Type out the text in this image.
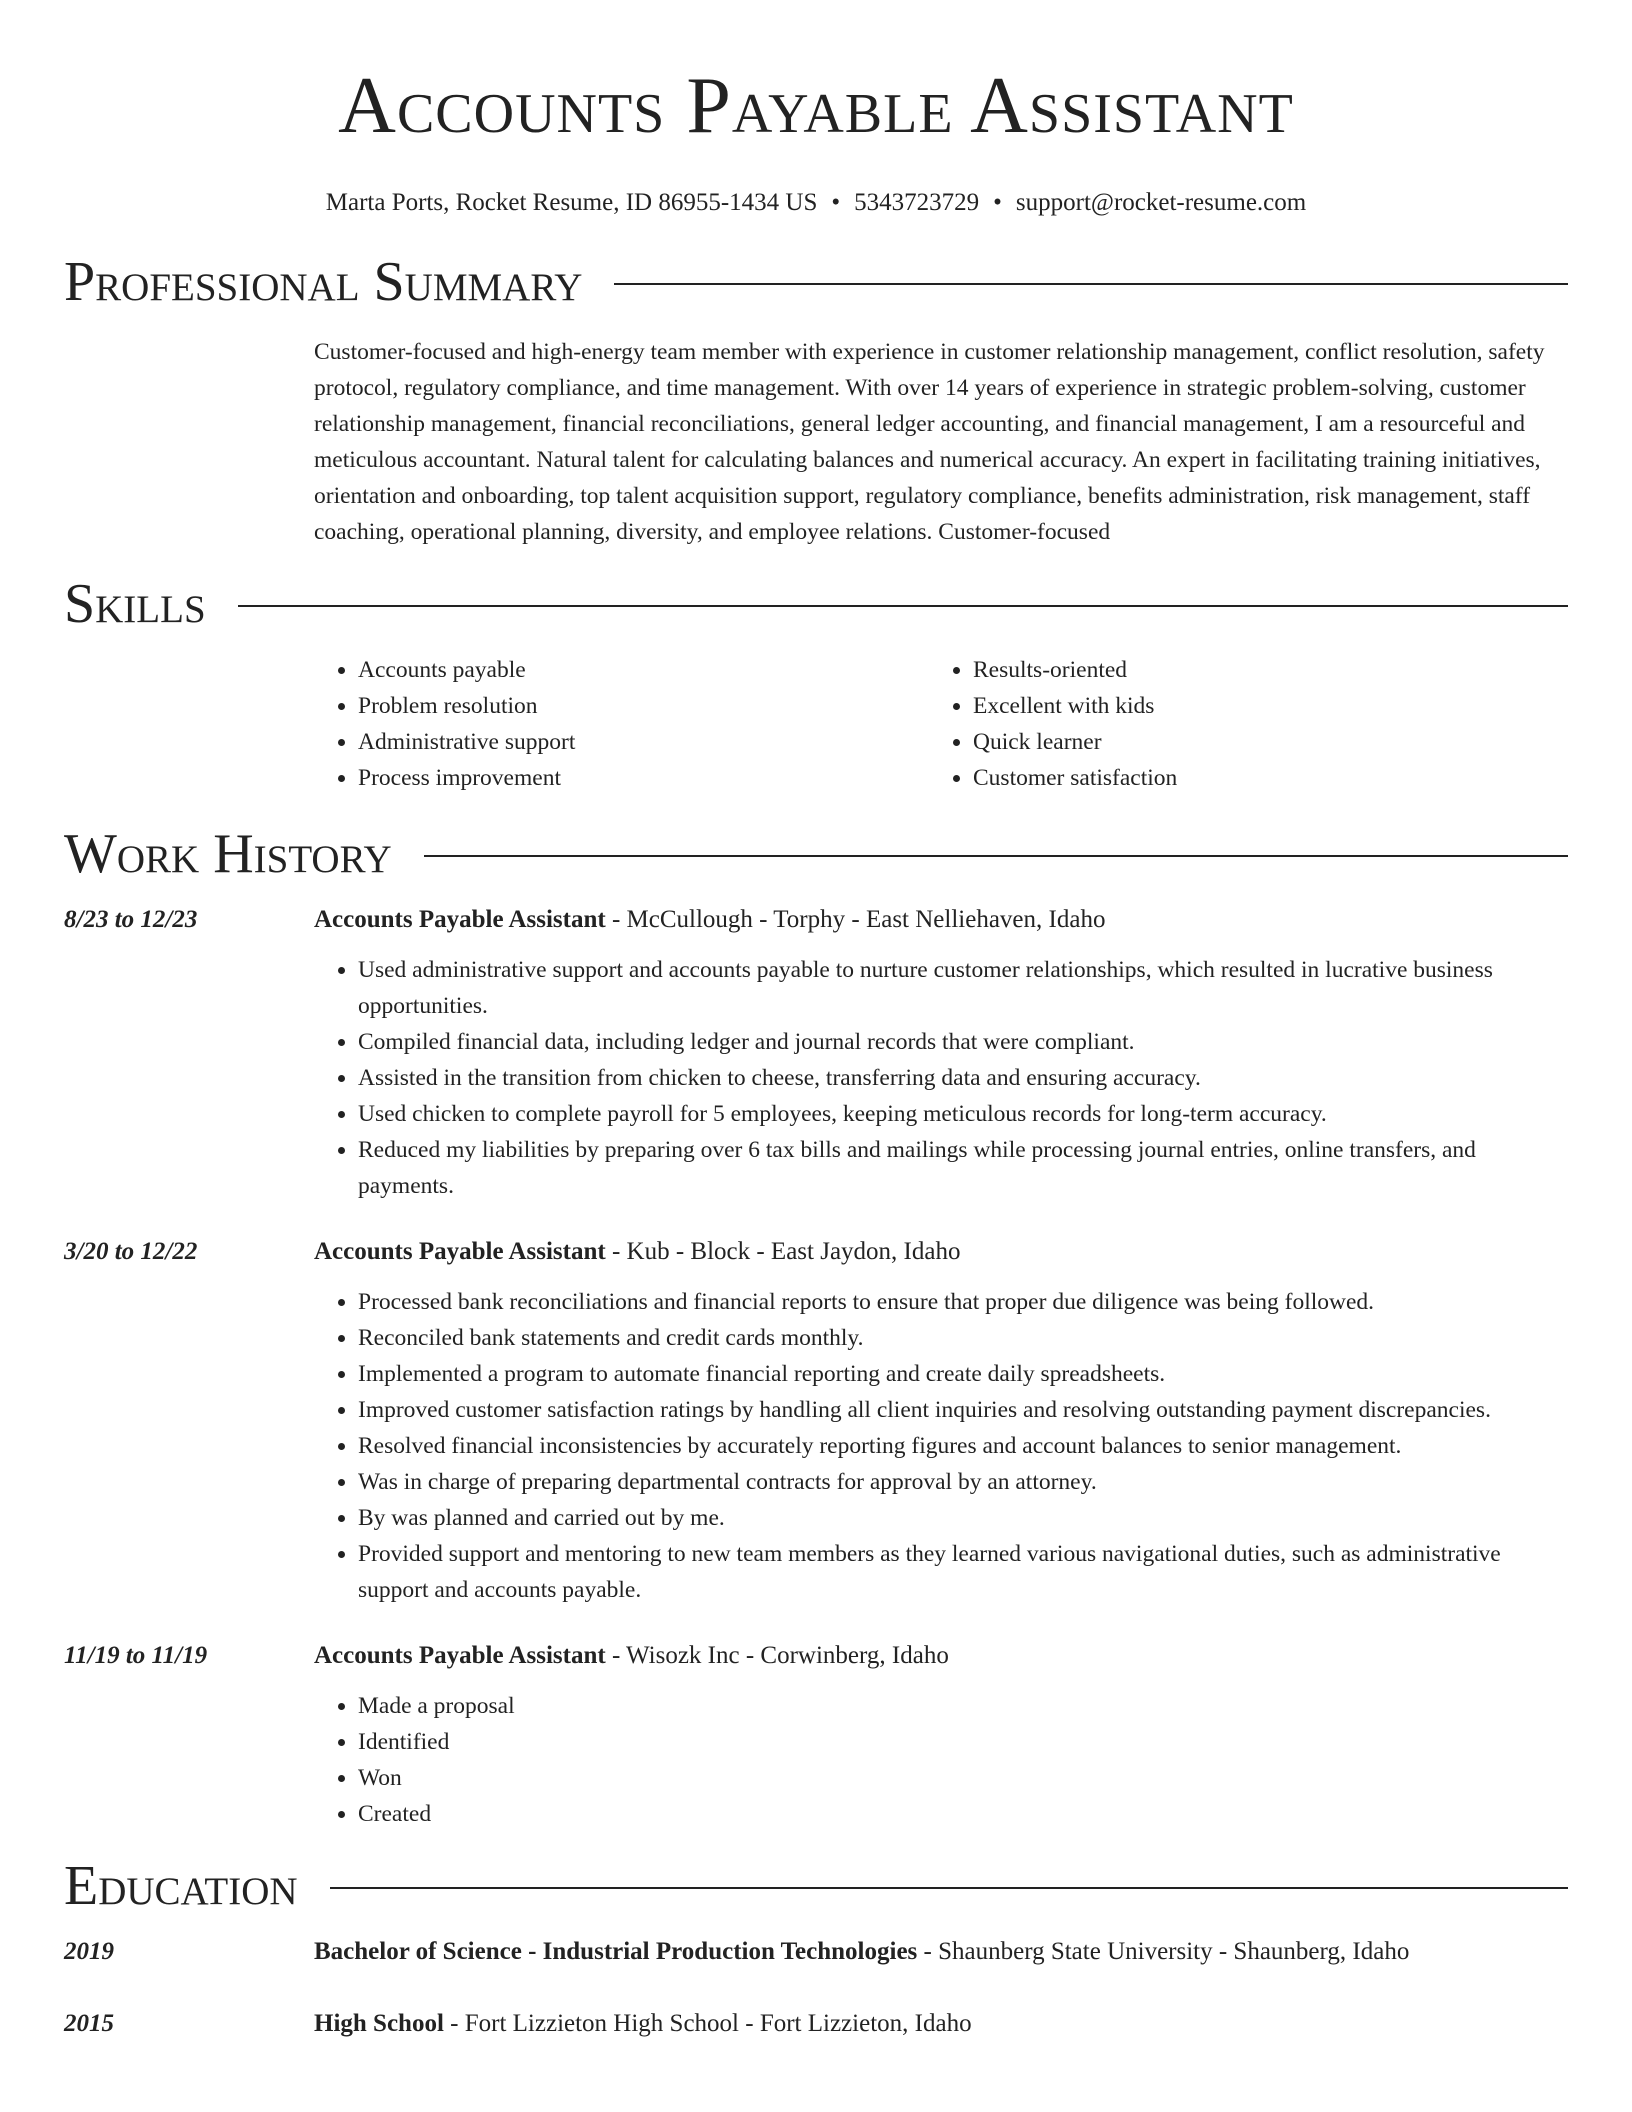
Accounts Payable Assistant
Marta Ports, Rocket Resume, ID 86955-1434 US • 5343723729 • support@rocket-resume.com
Professional Summary
Customer-focused and high-energy team member with experience in customer relationship management, conflict resolution, safety protocol, regulatory compliance, and time management. With over 14 years of experience in strategic problem-solving, customer relationship management, financial reconciliations, general ledger accounting, and financial management, I am a resourceful and meticulous accountant. Natural talent for calculating balances and numerical accuracy. An expert in facilitating training initiatives, orientation and onboarding, top talent acquisition support, regulatory compliance, benefits administration, risk management, staff coaching, operational planning, diversity, and employee relations. Customer-focused
Skills
• Accounts payable
• Problem resolution
• Administrative support
• Process improvement
• Results-oriented
• Excellent with kids
• Quick learner
• Customer satisfaction
Work History
8/23 to 12/23	Accounts Payable Assistant - McCullough - Torphy - East Nelliehaven, Idaho
• Used administrative support and accounts payable to nurture customer relationships, which resulted in lucrative business opportunities.
• Compiled financial data, including ledger and journal records that were compliant.
• Assisted in the transition from chicken to cheese, transferring data and ensuring accuracy.
• Used chicken to complete payroll for 5 employees, keeping meticulous records for long-term accuracy.
• Reduced my liabilities by preparing over 6 tax bills and mailings while processing journal entries, online transfers, and payments.
3/20 to 12/22	Accounts Payable Assistant - Kub - Block - East Jaydon, Idaho
• Processed bank reconciliations and financial reports to ensure that proper due diligence was being followed.
• Reconciled bank statements and credit cards monthly.
• Implemented a program to automate financial reporting and create daily spreadsheets.
• Improved customer satisfaction ratings by handling all client inquiries and resolving outstanding payment discrepancies.
• Resolved financial inconsistencies by accurately reporting figures and account balances to senior management.
• Was in charge of preparing departmental contracts for approval by an attorney.
• By was planned and carried out by me.
• Provided support and mentoring to new team members as they learned various navigational duties, such as administrative support and accounts payable.
11/19 to 11/19	Accounts Payable Assistant - Wisozk Inc - Corwinberg, Idaho
• Made a proposal
• Identified
• Won
• Created
Education
2019	Bachelor of Science - Industrial Production Technologies - Shaunberg State University - Shaunberg, Idaho
2015	High School - Fort Lizzieton High School - Fort Lizzieton, Idaho
